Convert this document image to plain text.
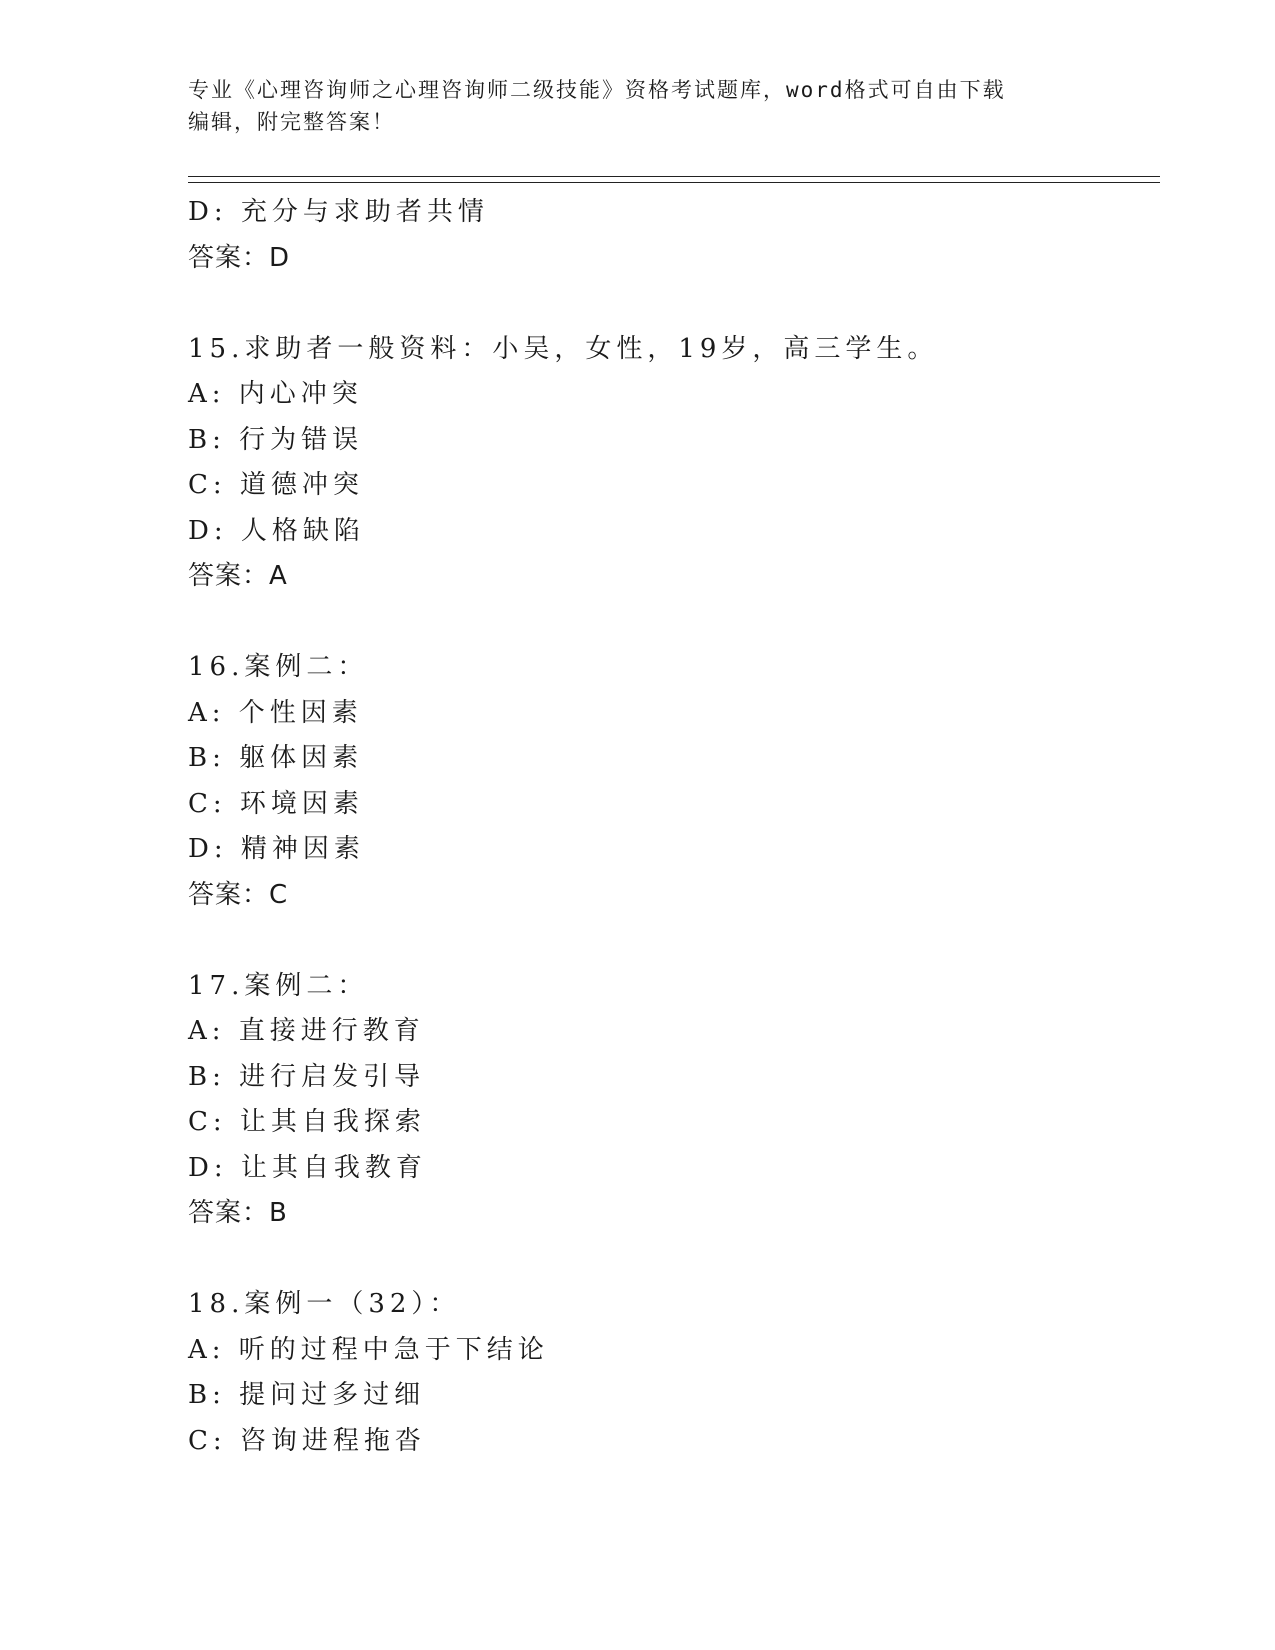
专业《心理咨询师之心理咨询师二级技能》资格考试题库，word格式可自由下载
编辑，附完整答案！
D: 充分与求助者共情
答案：D
15.求助者一般资料：小吴，女性，19岁，高三学生。
A: 内心冲突
B: 行为错误
C: 道德冲突
D: 人格缺陷
答案：A
16.案例二：
A: 个性因素
B: 躯体因素
C: 环境因素
D: 精神因素
答案：C
17.案例二：
A: 直接进行教育
B: 进行启发引导
C: 让其自我探索
D: 让其自我教育
答案：B
18.案例一（32）：
A: 听的过程中急于下结论
B: 提问过多过细
C: 咨询进程拖沓
